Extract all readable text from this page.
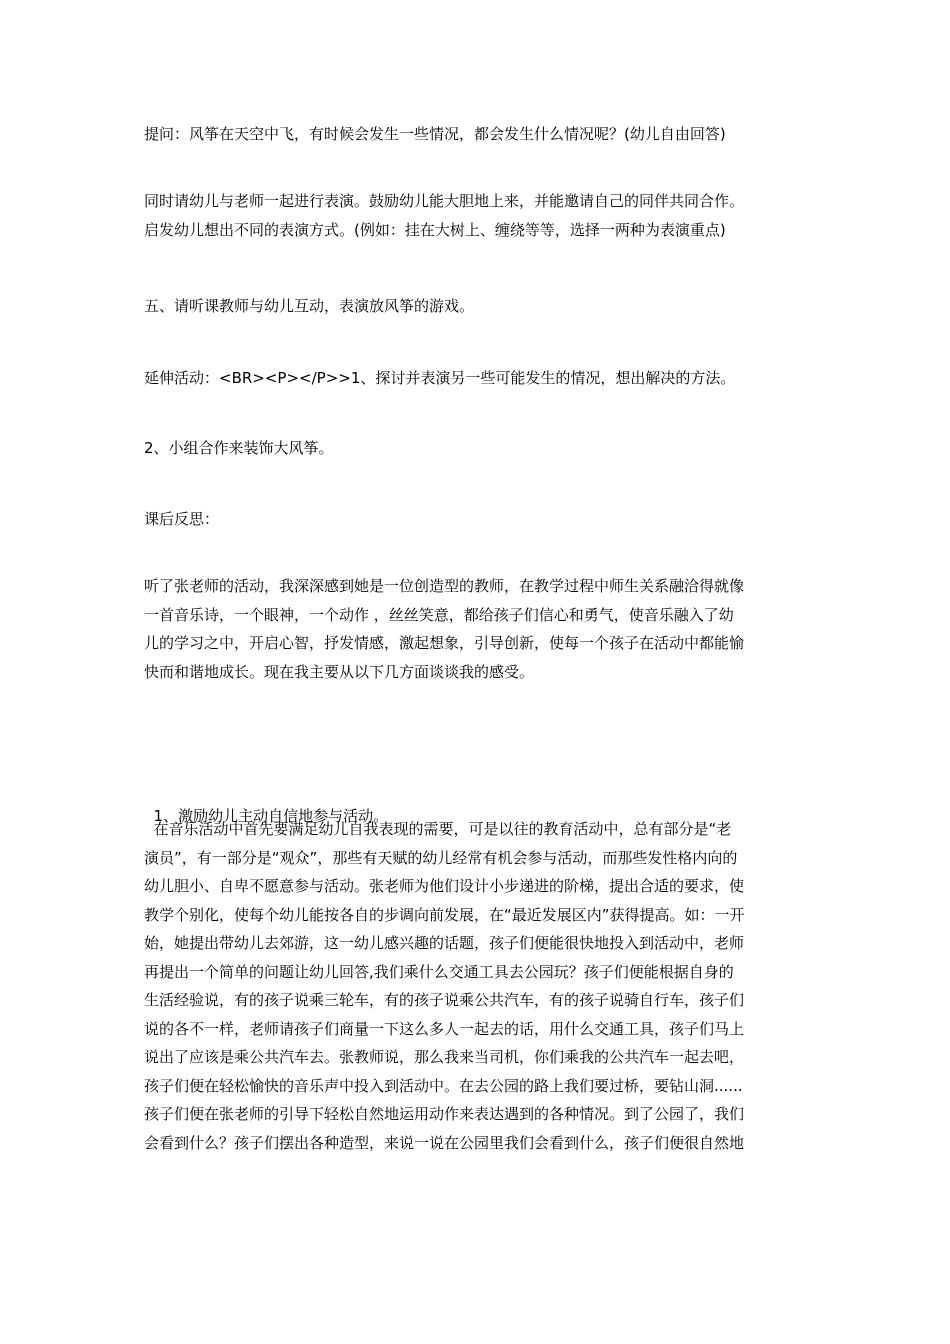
提问：风筝在天空中飞，有时候会发生一些情况，都会发生什么情况呢？(幼儿自由回答)

同时请幼儿与老师一起进行表演。鼓励幼儿能大胆地上来，并能邀请自己的同伴共同合作。
启发幼儿想出不同的表演方式。(例如：挂在大树上、缠绕等等，选择一两种为表演重点)

五、请听课教师与幼儿互动，表演放风筝的游戏。

延伸活动：<BR><P></P>>1、探讨并表演另一些可能发生的情况，想出解决的方法。

2、小组合作来装饰大风筝。

课后反思：

听了张老师的活动，我深深感到她是一位创造型的教师，在教学过程中师生关系融洽得就像
一首音乐诗，一个眼神，一个动作 ，丝丝笑意，都给孩子们信心和勇气，使音乐融入了幼
儿的学习之中，开启心智，抒发情感，激起想象，引导创新，使每一个孩子在活动中都能愉
快而和谐地成长。现在我主要从以下几方面谈谈我的感受。

1、激励幼儿主动自信地参与活动。

在音乐活动中首先要满足幼儿自我表现的需要，可是以往的教育活动中，总有部分是“老
演员”，有一部分是“观众”，那些有天赋的幼儿经常有机会参与活动，而那些发性格内向的
幼儿胆小、自卑不愿意参与活动。张老师为他们设计小步递进的阶梯，提出合适的要求，使
教学个别化，使每个幼儿能按各自的步调向前发展，在“最近发展区内”获得提高。如：一开
始，她提出带幼儿去郊游，这一幼儿感兴趣的话题，孩子们便能很快地投入到活动中，老师
再提出一个简单的问题让幼儿回答,我们乘什么交通工具去公园玩？孩子们便能根据自身的
生活经验说，有的孩子说乘三轮车，有的孩子说乘公共汽车，有的孩子说骑自行车，孩子们
说的各不一样，老师请孩子们商量一下这么多人一起去的话，用什么交通工具，孩子们马上
说出了应该是乘公共汽车去。张教师说，那么我来当司机，你们乘我的公共汽车一起去吧，
孩子们便在轻松愉快的音乐声中投入到活动中。在去公园的路上我们要过桥，要钻山洞......
孩子们便在张老师的引导下轻松自然地运用动作来表达遇到的各种情况。到了公园了，我们
会看到什么？孩子们摆出各种造型，来说一说在公园里我们会看到什么，孩子们便很自然地
